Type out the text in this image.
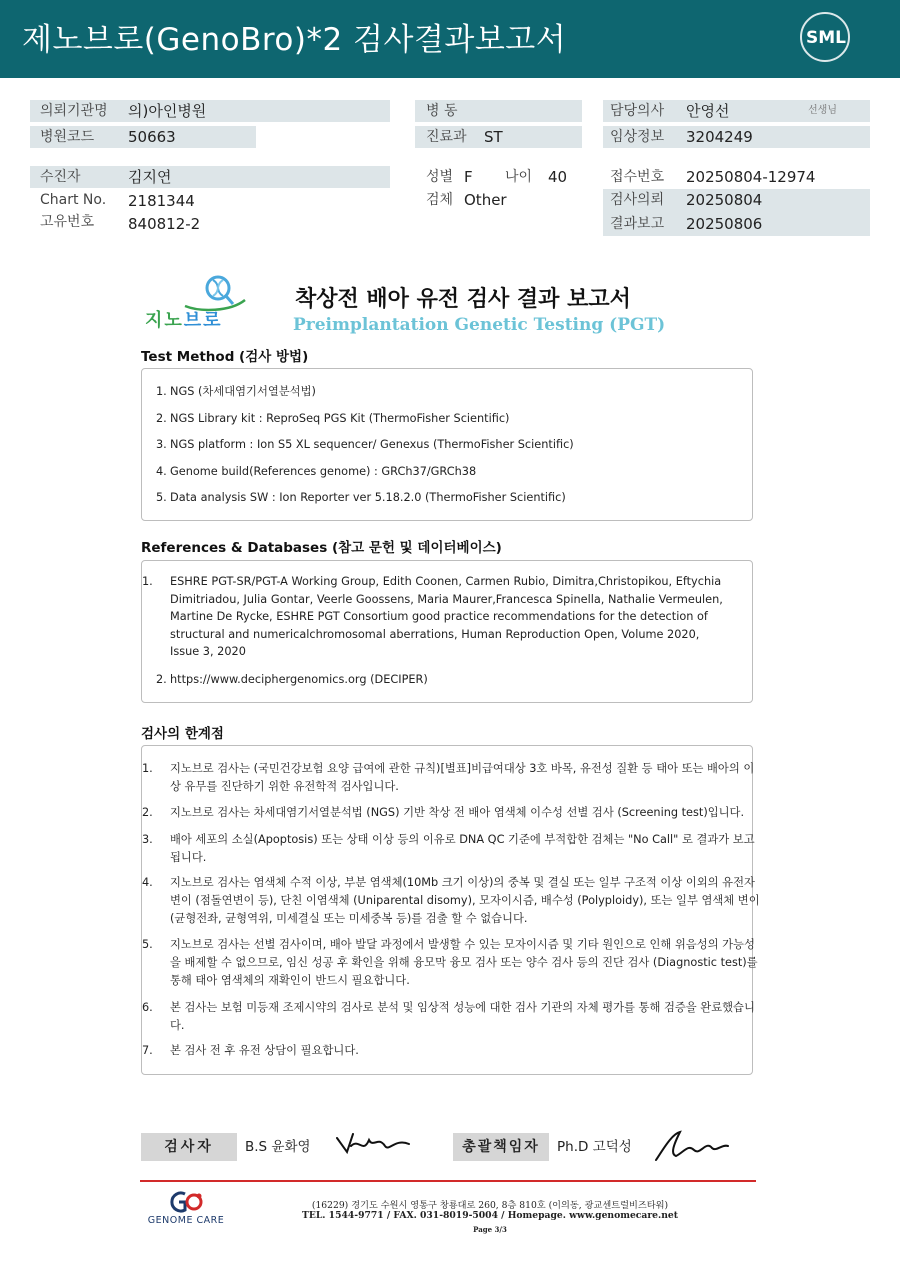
제노브로(GenoBro)*2 검사결과보고서	SML
의뢰기관명 의)아인병원
병원코드 50663
수진자	김지연
Chart No. 2181344
고유번호 840812-2
병 동
진료과 ST
성별 F 나이 40
검체 Other
담당의사 안영선	선생님
임상정보 3204249
접수번호 20250804-12974
검사의뢰 20250804
결과보고 20250806
지노브로
착상전 배아 유전 검사 결과 보고서
Preimplantation Genetic Testing (PGT)
Test Method (검사 방법)
1. NGS (차세대염기서열분석법)
2. NGS Library kit : ReproSeq PGS Kit (ThermoFisher Scientific)
3. NGS platform : Ion S5 XL sequencer/ Genexus (ThermoFisher Scientific)
4. Genome build(References genome) : GRCh37/GRCh38
5. Data analysis SW : Ion Reporter ver 5.18.2.0 (ThermoFisher Scientific)
References & Databases (참고 문헌 및 데이터베이스)
1. ESHRE PGT-SR/PGT-A Working Group, Edith Coonen, Carmen Rubio, Dimitra,Christopikou, Eftychia Dimitriadou, Julia Gontar, Veerle Goossens, Maria Maurer,Francesca Spinella, Nathalie Vermeulen, Martine De Rycke, ESHRE PGT Consortium good practice recommendations for the detection of structural and numericalchromosomal aberrations, Human Reproduction Open, Volume 2020, Issue 3, 2020
2. https://www.deciphergenomics.org (DECIPER)
검사의 한계점
1. 지노브로 검사는 (국민건강보험 요양 급여에 관한 규칙)[별표]비급여대상 3호 바목, 유전성 질환 등 태아 또는 배아의 이상 유무를 진단하기 위한 유전학적 검사입니다.
2. 지노브로 검사는 차세대염기서열분석법 (NGS) 기반 착상 전 배아 염색체 이수성 선별 검사 (Screening test)입니다.
3. 배아 세포의 소실(Apoptosis) 또는 상태 이상 등의 이유로 DNA QC 기준에 부적합한 검체는 "No Call" 로 결과가 보고됩니다.
4. 지노브로 검사는 염색체 수적 이상, 부분 염색체(10Mb 크기 이상)의 중복 및 결실 또는 일부 구조적 이상 이외의 유전자 변이 (점돌연변이 등), 단친 이염색체 (Uniparental disomy), 모자이시즘, 배수성 (Polyploidy), 또는 일부 염색체 변이(균형전좌, 균형역위, 미세결실 또는 미세중복 등)를 검출 할 수 없습니다.
5. 지노브로 검사는 선별 검사이며, 배아 발달 과정에서 발생할 수 있는 모자이시즘 및 기타 원인으로 인해 위음성의 가능성을 배제할 수 없으므로, 임신 성공 후 확인을 위해 융모막 융모 검사 또는 양수 검사 등의 진단 검사 (Diagnostic test)를 통해 태아 염색체의 재확인이 반드시 필요합니다.
6. 본 검사는 보험 미등재 조제시약의 검사로 분석 및 임상적 성능에 대한 검사 기관의 자체 평가를 통해 검증을 완료했습니다.
7. 본 검사 전 후 유전 상담이 필요합니다.
검사자	B.S 윤화영	총괄책임자	Ph.D 고덕성
GENOME CARE
(16229) 경기도 수원시 영통구 창룡대로 260, 8층 810호 (이의동, 광교센트럴비즈타워)
TEL. 1544-9771 / FAX. 031-8019-5004 / Homepage. www.genomecare.net
Page 3/3
